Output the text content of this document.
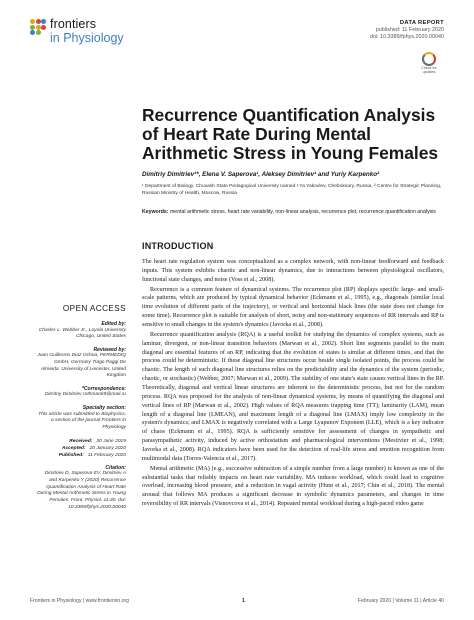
frontiers
in Physiology
DATA REPORT
published: 11 February 2020
doi: 10.3389/fphys.2020.00040
Check for updates
Recurrence Quantification Analysis of Heart Rate During Mental Arithmetic Stress in Young Females
Dimitriy Dimitriev¹*, Elena V. Saperova¹, Aleksey Dimitriev¹ and Yuriy Karpenko²
¹ Department of Biology, Chuvash State Pedagogical University named I Ya Yakovlev, Cheboksary, Russia, ² Centre for Strategic Planning, Russian Ministry of Health, Moscow, Russia
Keywords: mental arithmetic stress, heart rate variability, non-linear analysis, recurrence plot, recurrence quantification analysis
INTRODUCTION

The heart rate regulation system was conceptualized as a complex network, with non-linear feedforward and feedback inputs. This system exhibits chaotic and non-linear dynamics, due to interactions between physiological oscillators, functional state changes, and noise (Voss et al., 2008).

Recurrence is a common feature of dynamical systems. The recurrence plot (RP) displays specific large- and small-scale patterns, which are produced by typical dynamical behavior (Eckmann et al., 1995), e.g., diagonals (similar local time evolution of different parts of the trajectory), or vertical and horizontal black lines (the state does not change for some time). Recurrence plot is suitable for analysis of short, noisy and non-stationary sequences of RR intervals and RP is sensitive to small changes in the system's dynamics (Javorka et al., 2008).

Recurrence quantification analysis (RQA) is a useful toolkit for studying the dynamics of complex systems, such as laminar, divergent, or non-linear transition behaviors (Marwan et al., 2002). Short line segments parallel to the main diagonal are essential features of an RP, indicating that the evolution of states is similar at different times, and that the process could be deterministic. If these diagonal line structures occur beside single isolated points, the process could be chaotic. The length of such diagonal line structures relies on the predictability and the dynamics of the system (periodic, chaotic, or stochastic) (Webber, 2007; Marwan et al., 2009). The stability of one state's state causes vertical lines in the RP. Theoretically, diagonal and vertical linear structures are inherent to the deterministic process, but not for the random process. RQA was proposed for the analysis of non-linear dynamical systems, by means of quantifying the diagonal and vertical lines of RP (Marwan et al., 2002). High values of RQA measures trapping time (TT); laminarity (LAM), mean length of a diagonal line (LMEAN), and maximum length of a diagonal line (LMAX) imply low complexity in the system's dynamics; and LMAX is negatively correlated with a Large Lyapunov Exponent (LLE), which is a key indicator of chaos (Eckmann et al., 1995). RQA is sufficiently sensitive for assessment of changes in sympathetic and parasympathetic activity, induced by active orthostatism and pharmacological interventions (Mestivier et al., 1998; Javorka et al., 2008). RQA indicators have been used for the detection of real-life stress and emotion recognition from multimodal data (Torres-Valencia et al., 2017).

Mental arithmetic (MA) (e.g., successive subtraction of a simple number from a large number) is known as one of the substantial tasks that reliably impacts on heart rate variability. MA induces workload, which could lead to cognitive overload, increasing blood pressure, and a reduction in vagal activity (Hunt et al., 2017; Chin et al., 2018). The mental arousal that follows MA produces a significant decrease in symbolic dynamics parameters, and changes in time reversibility of RR intervals (Visnovcova et al., 2014). Repeated mental workload during a high-paced video game

OPEN ACCESS
Edited by:
Charles L. Webber Jr., Loyola University Chicago, United States
Reviewed by:
Juan Guillermo Diaz Ochoa, PERMEDIQ GmbH, Germany Tiago Paggi De Almeida, University of Leicester, United Kingdom
*Correspondence:
Dimitriy Dimitriev rothman69@mail.ru
Specialty section:
This article was submitted to Biophysics, a section of the journal Frontiers in Physiology
Received: 30 June 2019
Accepted: 20 January 2020
Published: 11 February 2020
Citation:
Dimitriev D, Saperova EV, Dimitriev A and Karpenko Y (2020) Recurrence Quantification Analysis of Heart Rate During Mental Arithmetic Stress in Young Females. Front. Physiol. 11:40. doi: 10.3389/fphys.2020.00040
Frontiers in Physiology | www.frontiersin.org	1	February 2020 | Volume 11 | Article 40
